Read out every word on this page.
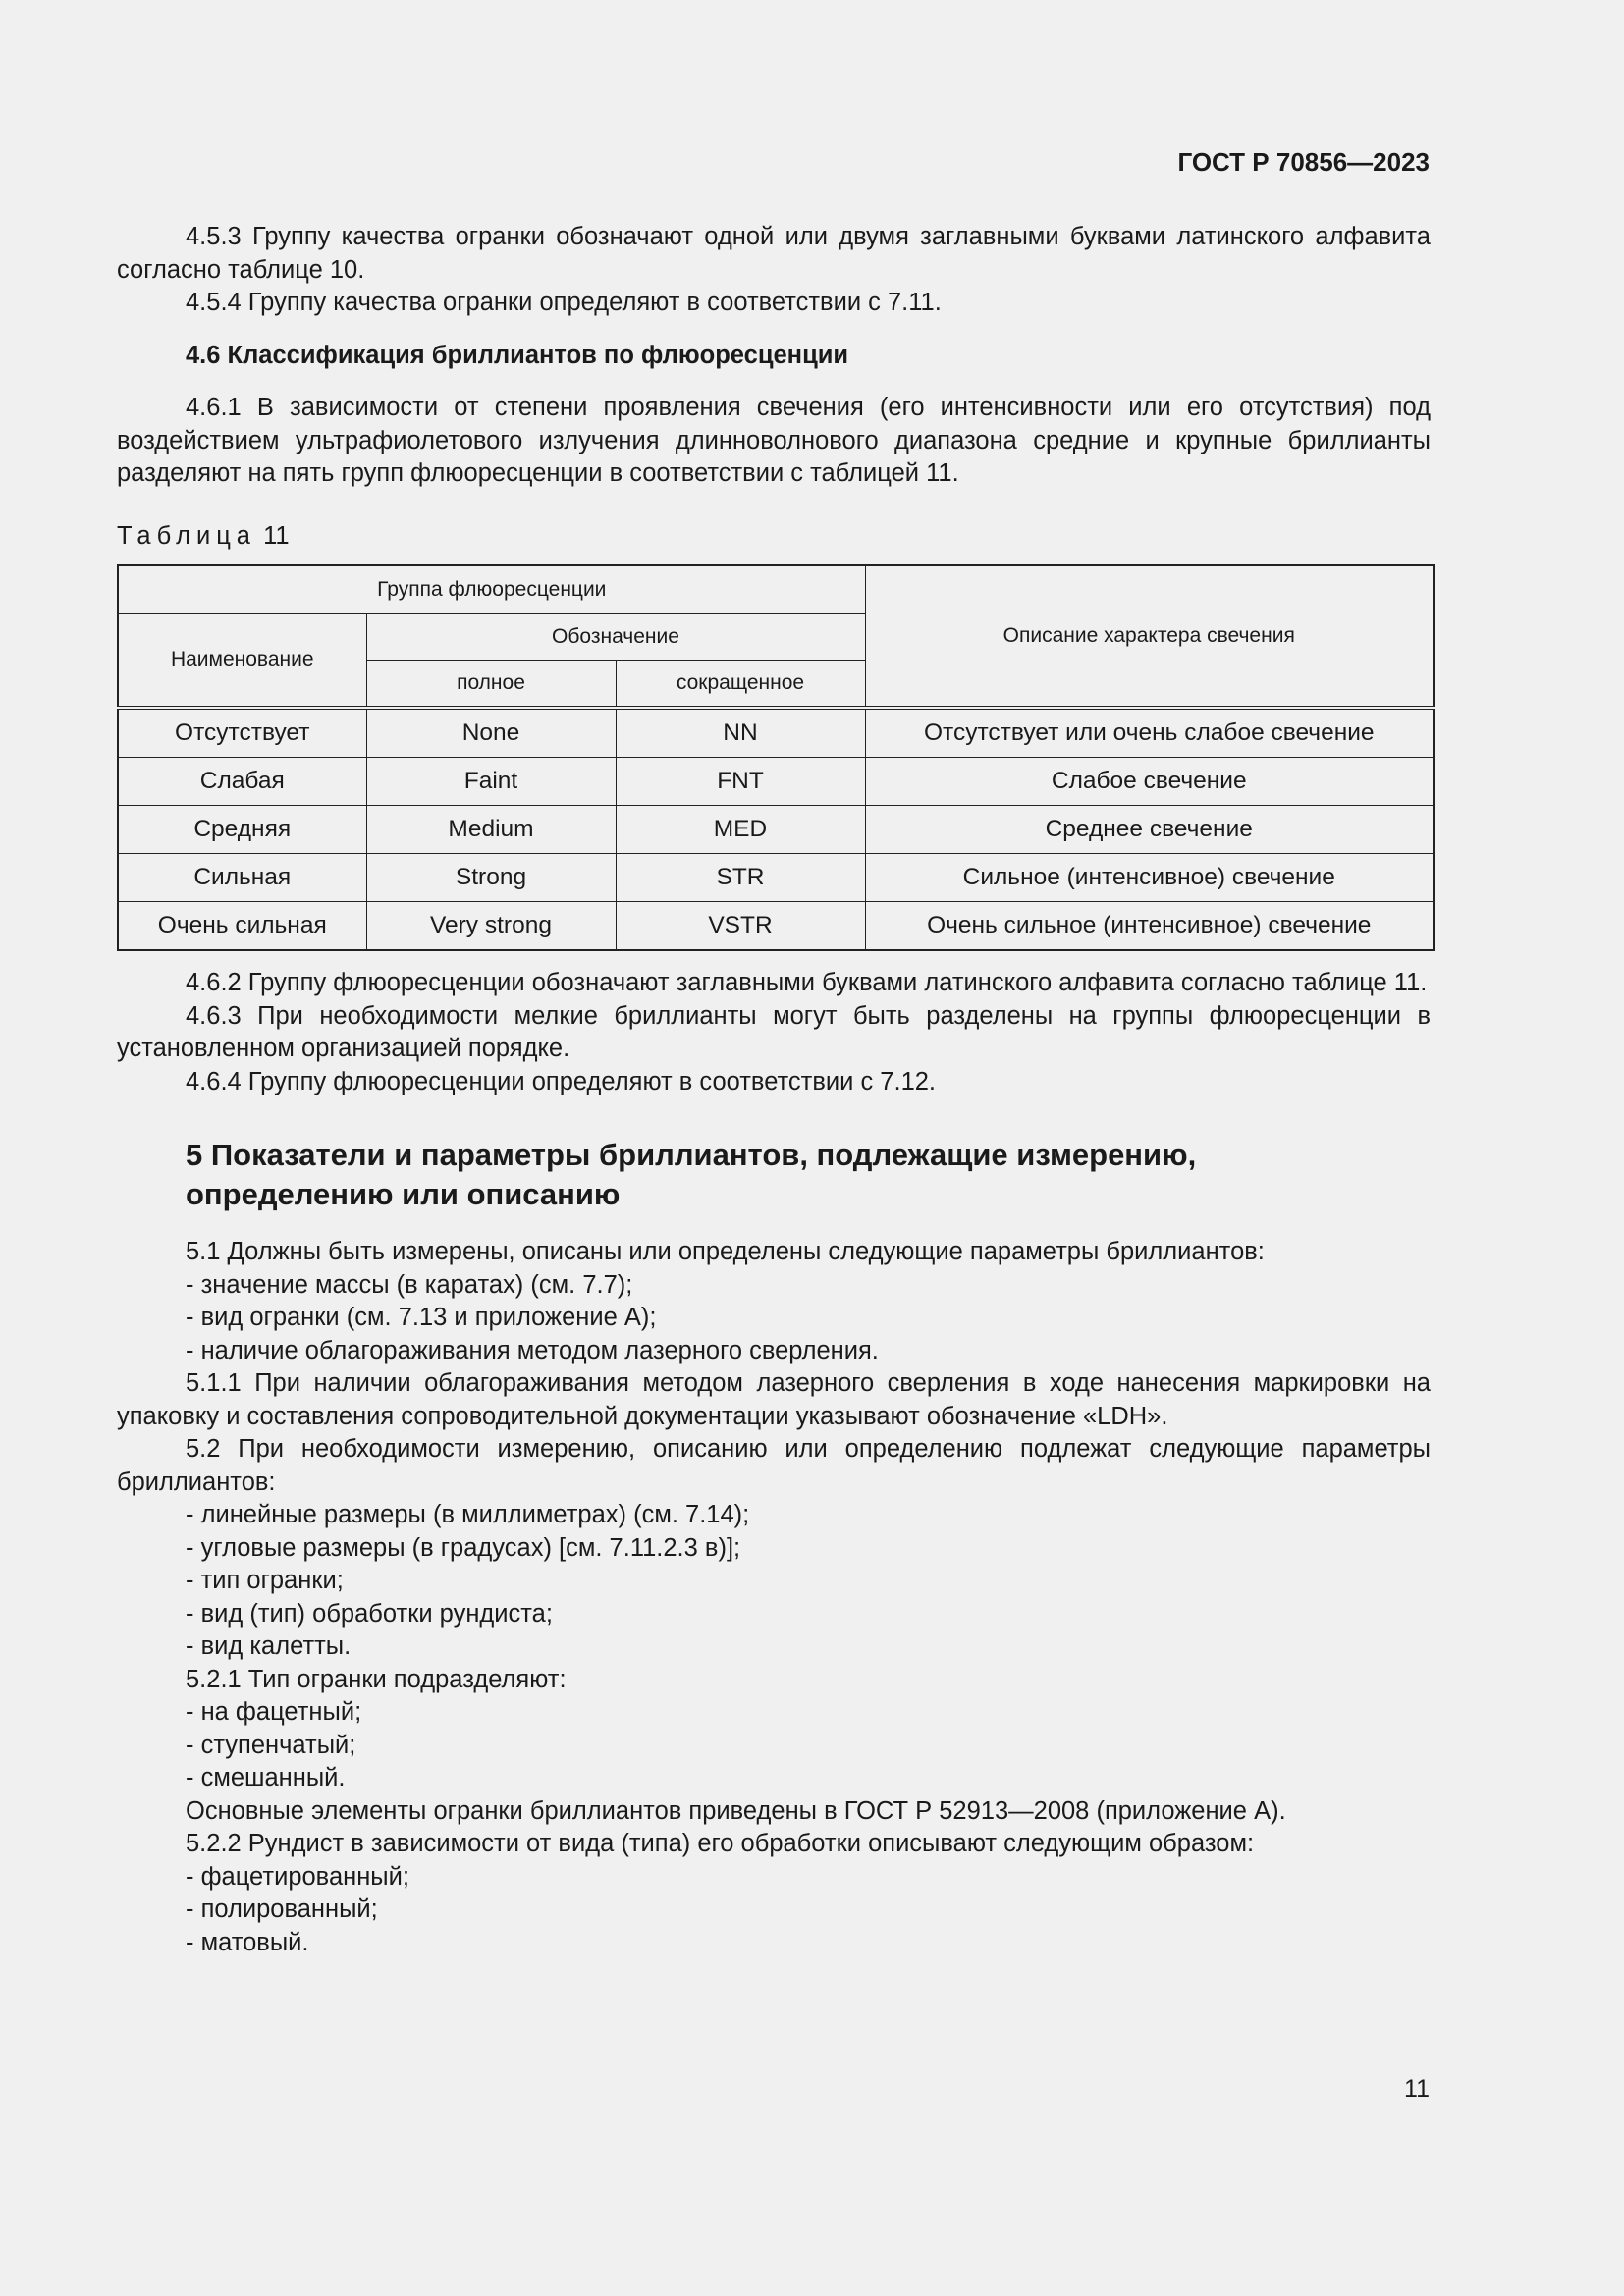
ГОСТ Р 70856—2023

4.5.3 Группу качества огранки обозначают одной или двумя заглавными буквами латинского алфавита согласно таблице 10.

4.5.4 Группу качества огранки определяют в соответствии с 7.11.

4.6 Классификация бриллиантов по флюоресценции

4.6.1 В зависимости от степени проявления свечения (его интенсивности или его отсутствия) под воздействием ультрафиолетового излучения длинноволнового диапазона средние и крупные бриллианты разделяют на пять групп флюоресценции в соответствии с таблицей 11.

Таблица 11

Группа флюоресценции			Описание характера свечения
Наименование	Обозначение		
	полное	сокращенное	
Отсутствует	None	NN	Отсутствует или очень слабое свечение
Слабая	Faint	FNT	Слабое свечение
Средняя	Medium	MED	Среднее свечение
Сильная	Strong	STR	Сильное (интенсивное) свечение
Очень сильная	Very strong	VSTR	Очень сильное (интенсивное) свечение

4.6.2 Группу флюоресценции обозначают заглавными буквами латинского алфавита согласно таблице 11.

4.6.3 При необходимости мелкие бриллианты могут быть разделены на группы флюоресценции в установленном организацией порядке.

4.6.4 Группу флюоресценции определяют в соответствии с 7.12.

5 Показатели и параметры бриллиантов, подлежащие измерению,
определению или описанию

5.1 Должны быть измерены, описаны или определены следующие параметры бриллиантов:

- значение массы (в каратах) (см. 7.7);

- вид огранки (см. 7.13 и приложение А);

- наличие облагораживания методом лазерного сверления.

5.1.1 При наличии облагораживания методом лазерного сверления в ходе нанесения маркировки на упаковку и составления сопроводительной документации указывают обозначение «LDH».

5.2 При необходимости измерению, описанию или определению подлежат следующие параметры бриллиантов:

- линейные размеры (в миллиметрах) (см. 7.14);

- угловые размеры (в градусах) [см. 7.11.2.3 в)];

- тип огранки;

- вид (тип) обработки рундиста;

- вид калетты.

5.2.1 Тип огранки подразделяют:

- на фацетный;

- ступенчатый;

- смешанный.

Основные элементы огранки бриллиантов приведены в ГОСТ Р 52913—2008 (приложение А).

5.2.2 Рундист в зависимости от вида (типа) его обработки описывают следующим образом:

- фацетированный;

- полированный;

- матовый.

11
